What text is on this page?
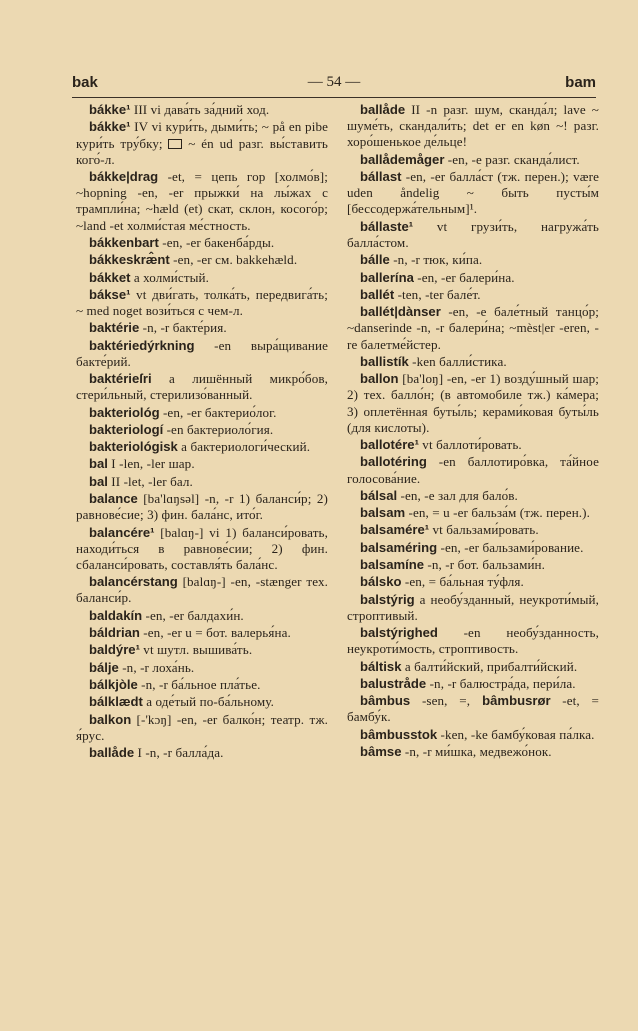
bak	— 54 —	bam

bákke¹ III vi дава́ть за́дний ход.

bákke¹ IV vi кури́ть, дыми́ть; ~ på en pibe кури́ть тру́бку;  ~ én ud разг. вы́ставить кого́-л.

bákke|drag -et, = цепь гор [холмо́в]; ~hopning -en, -er прыжки́ на лы́жах с трампли́на; ~hæld (et) скат, склон, косого́р; ~land -et холми́стая ме́стность.

bákkenbart -en, -er бакенба́рды.

bákkeskræ̂nt -en, -er см. bakkehæld.

bákket a холми́стый.

bákse¹ vt дви́гать, толка́ть, передвига́ть; ~ med noget вози́ться с чем-л.

baktérie -n, -r бакте́рия.

baktériedýrkning -en выра́щивание бакте́рий.

baktérieſri a лишённый микро́бов, стери́льный, стерилизо́ванный.

bakteriológ -en, -er бактерио́лог.

bakteriologí -en бактериоло́гия.

bakteriológisk a бактериологи́ческий.

bal I -len, -ler шар.

bal II -let, -ler бал.

balance [ba'lɑŋsəl] -n, -r 1) баланси́р; 2) равнове́сие; 3) фин. бала́нс, ито́г.

balancére¹ [balɑŋ-] vi 1) баланси́ровать, находи́ться в равнове́сии; 2) фин. сбаланси́ровать, составля́ть бала́нс.

balancérstang [balɑŋ-] -en, -stænger тех. баланси́р.

baldakín -en, -er балдахи́н.

báldrian -en, -er u = бот. валерья́на.

baldýre¹ vt шутл. вышива́ть.

bálje -n, -r лоха́нь.

bálkjòle -n, -r ба́льное пла́тье.

bálklædt a оде́тый по-ба́льному.

balkon [-'kɔŋ] -en, -er балко́н; театр. тж. я́рус.

ballåde I -n, -r балла́да.

ballåde II -n разг. шум, сканда́л; lave ~ шуме́ть, скандали́ть; det er en køn ~! разг. хоро́шенькое де́льце!

ballådemåger -en, -e разг. сканда́лист.

bállast -en, -er балла́ст (тж. перен.); være uden åndelig ~ быть пусты́м [бессодержа́тельным]¹.

bállaste¹ vt грузи́ть, нагружа́ть балла́стом.

bálle -n, -r тюк, ки́па.

ballerína -en, -er балери́на.

ballét -ten, -ter бале́т.

ballét|dànser -en, -e бале́тный танцо́р; ~danserinde -n, -r балери́на; ~mèst|er -eren, -re балетме́йстер.

ballistík -ken балли́стика.

ballon [ba'loŋ] -en, -er 1) возду́шный шар; 2) тех. балло́н; (в автомобиле тж.) ка́мера; 3) оплетённая буты́ль; керами́ковая буты́ль (для кислоты).

ballotére¹ vt баллоти́ровать.

ballotéring -en баллотиро́вка, та́йное голосова́ние.

bálsal -en, -e зал для бало́в.

balsam -en, = u -er бальза́м (тж. перен.).

balsamére¹ vt бальзами́ровать.

balsaméring -en, -er бальзами́рование.

balsamíne -n, -r бот. бальзами́н.

bálsko -en, = ба́льная ту́фля.

balstýrig a необу́зданный, неукроти́мый, строптивый.

balstýrighed -en необу́зданность, неукроти́мость, строптивость.

báltisk a балти́йский, прибалти́йский.

balustråde -n, -r балюстра́да, пери́ла.

bâmbus -sen, =, bâmbusrør -et, = бамбу́к.

bâmbusstok -ken, -ke бамбу́ковая па́лка.

bâmse -n, -r ми́шка, медвежо́нок.
